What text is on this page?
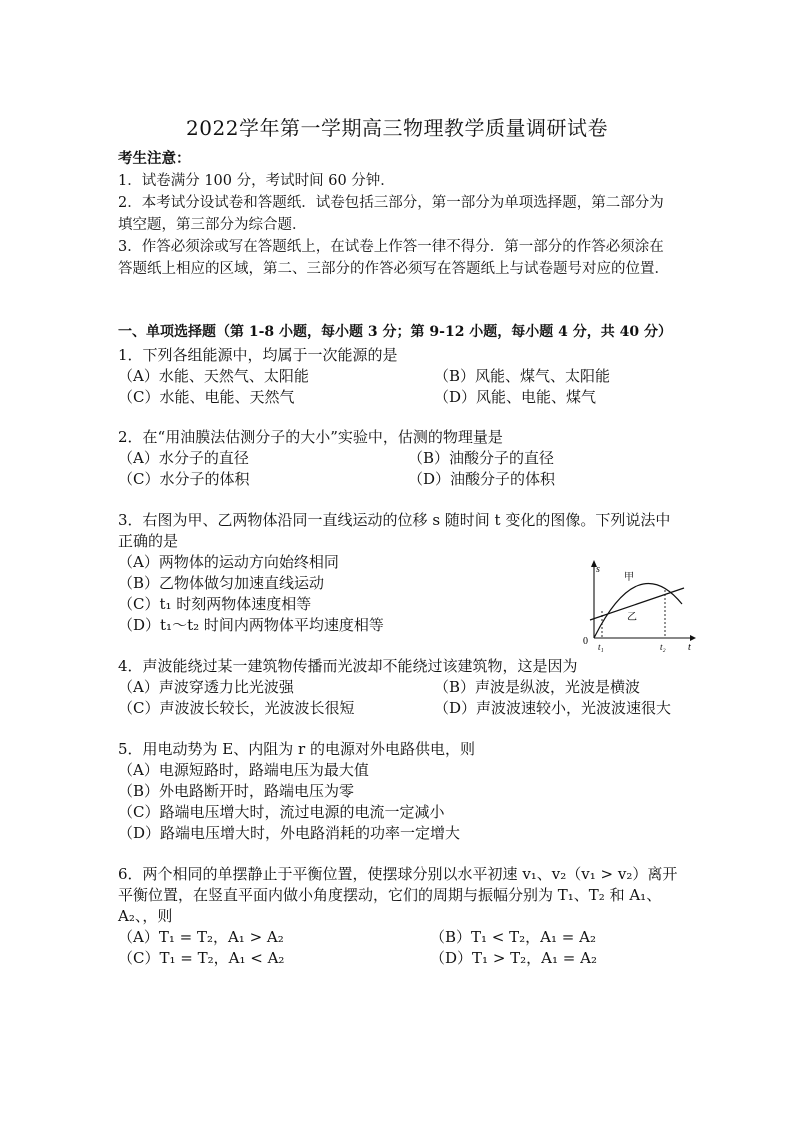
2022学年第一学期高三物理教学质量调研试卷

考生注意：

1．试卷满分 100 分，考试时间 60 分钟．

2．本考试分设试卷和答题纸．试卷包括三部分，第一部分为单项选择题，第二部分为填空题，第三部分为综合题．

3．作答必须涂或写在答题纸上，在试卷上作答一律不得分．第一部分的作答必须涂在答题纸上相应的区域，第二、三部分的作答必须写在答题纸上与试卷题号对应的位置．

一、单项选择题（第 1-8 小题，每小题 3 分；第 9-12 小题，每小题 4 分，共 40 分）

1．下列各组能源中，均属于一次能源的是

（A）水能、天然气、太阳能	（B）风能、煤气、太阳能
（C）水能、电能、天然气	（D）风能、电能、煤气

2．在“用油膜法估测分子的大小”实验中，估测的物理量是

（A）水分子的直径	（B）油酸分子的直径
（C）水分子的体积	（D）油酸分子的体积

3．右图为甲、乙两物体沿同一直线运动的位移 s 随时间 t 变化的图像。下列说法中正确的是

（A）两物体的运动方向始终相同

（B）乙物体做匀加速直线运动

（C）t₁ 时刻两物体速度相等

（D）t₁～t₂ 时间内两物体平均速度相等

s
t
0 t₁	t₂
甲
乙

4．声波能绕过某一建筑物传播而光波却不能绕过该建筑物，这是因为

（A）声波穿透力比光波强	（B）声波是纵波，光波是横波
（C）声波波长较长，光波波长很短	（D）声波波速较小，光波波速很大

5．用电动势为 E、内阻为 r 的电源对外电路供电，则

（A）电源短路时，路端电压为最大值

（B）外电路断开时，路端电压为零

（C）路端电压增大时，流过电源的电流一定减小

（D）路端电压增大时，外电路消耗的功率一定增大

6．两个相同的单摆静止于平衡位置，使摆球分别以水平初速 v₁、v₂（v₁ > v₂）离开平衡位置，在竖直平面内做小角度摆动，它们的周期与振幅分别为 T₁、T₂ 和 A₁、A₂、，则

（A）T₁ = T₂，A₁ > A₂	（B）T₁ < T₂，A₁ = A₂
（C）T₁ = T₂，A₁ < A₂	（D）T₁ > T₂，A₁ = A₂
